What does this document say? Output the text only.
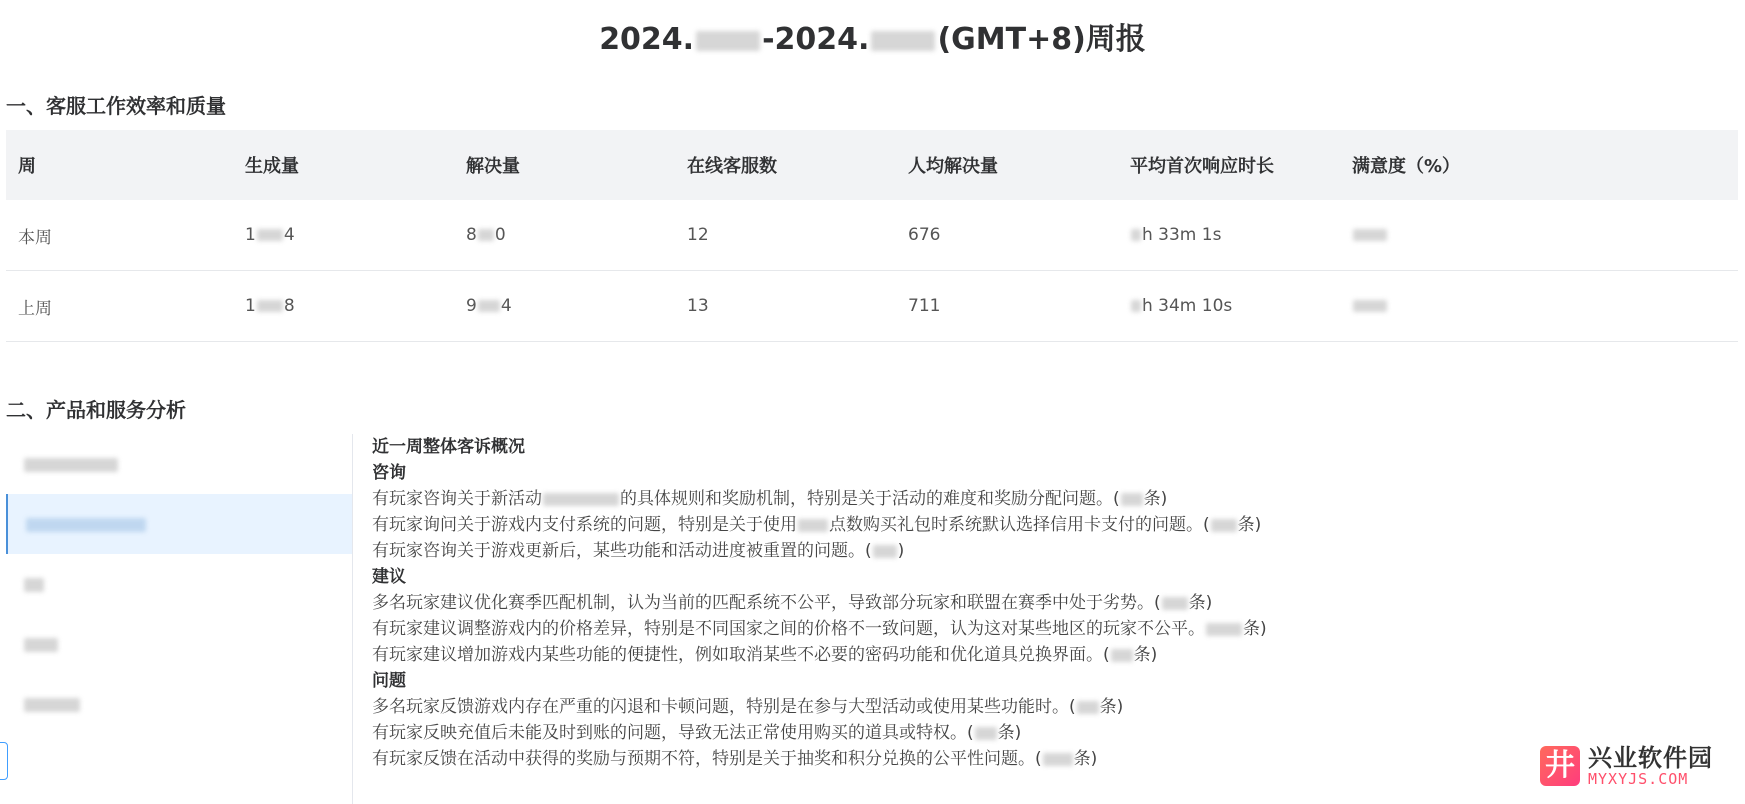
2024. -2024. (GMT+8)周报
一、客服工作效率和质量
周	生成量	解决量	在线客服数	人均解决量	平均首次响应时长	满意度（%）
本周	1 4	8 0	12	676	h 33m 1s	
上周	1 8	9 4	13	711	h 34m 10s	
二、产品和服务分析
近一周整体客诉概况
咨询
有玩家咨询关于新活动	的具体规则和奖励机制，特别是关于活动的难度和奖励分配问题。( 条)
有玩家询问关于游戏内支付系统的问题，特别是关于使用 点数购买礼包时系统默认选择信用卡支付的问题。( 条)
有玩家咨询关于游戏更新后，某些功能和活动进度被重置的问题。( )
建议
多名玩家建议优化赛季匹配机制，认为当前的匹配系统不公平，导致部分玩家和联盟在赛季中处于劣势。( 条)
有玩家建议调整游戏内的价格差异，特别是不同国家之间的价格不一致问题，认为这对某些地区的玩家不公平。 条)
有玩家建议增加游戏内某些功能的便捷性，例如取消某些不必要的密码功能和优化道具兑换界面。( 条)
问题
多名玩家反馈游戏内存在严重的闪退和卡顿问题，特别是在参与大型活动或使用某些功能时。( 条)
有玩家反映充值后未能及时到账的问题，导致无法正常使用购买的道具或特权。( 条)
有玩家反馈在活动中获得的奖励与预期不符，特别是关于抽奖和积分兑换的公平性问题。( 条)	井 兴业软件园
MYXYJS.COM
